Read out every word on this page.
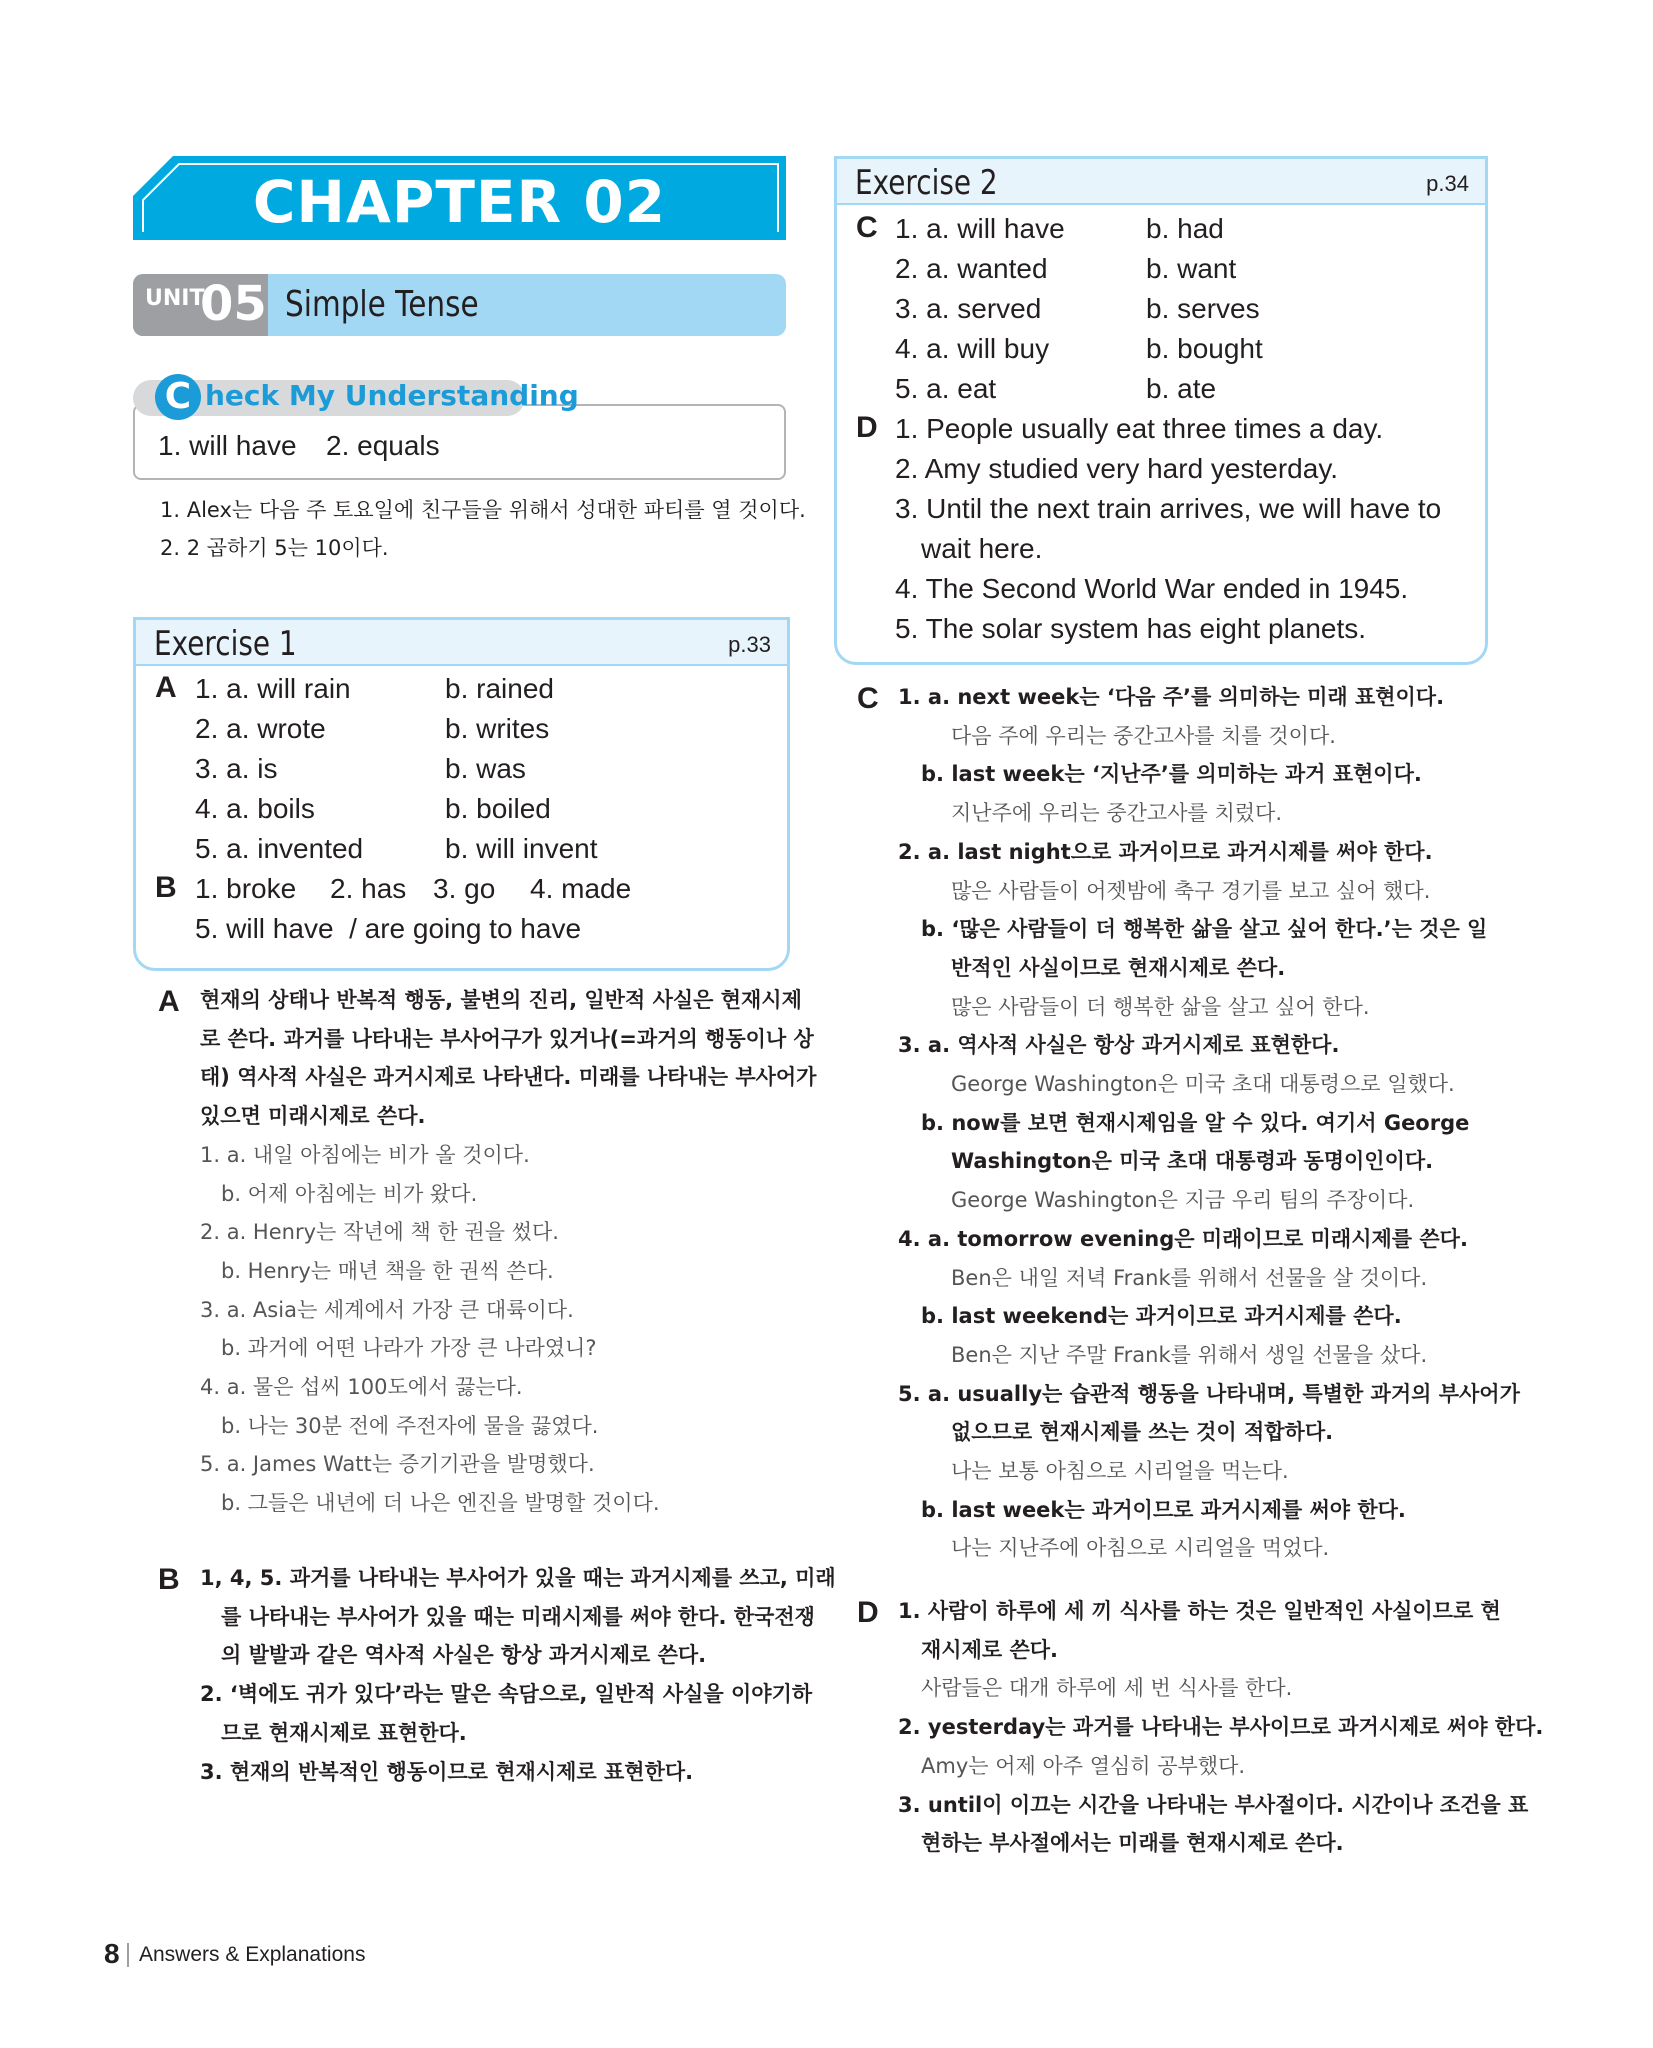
CHAPTER 02
UNIT
05 Simple Tense
C heck My Understanding
1. will have 2. equals
1. Alex는 다음 주 토요일에 친구들을 위해서 성대한 파티를 열 것이다.
2. 2 곱하기 5는 10이다.
Exercise 1	p.33
A 1. a. will rain	b. rained
2. a. wrote	b. writes
3. a. is	b. was
4. a. boils	b. boiled
5. a. invented	b. will invent
B 1. broke 2. has 3. go 4. made
5. will have  / are going to have
A 현재의 상태나 반복적 행동, 불변의 진리, 일반적 사실은 현재시제
로 쓴다. 과거를 나타내는 부사어구가 있거나(=과거의 행동이나 상
태) 역사적 사실은 과거시제로 나타낸다. 미래를 나타내는 부사어가
있으면 미래시제로 쓴다.
1. a. 내일 아침에는 비가 올 것이다.
b. 어제 아침에는 비가 왔다.
2. a. Henry는 작년에 책 한 권을 썼다.
b. Henry는 매년 책을 한 권씩 쓴다.
3. a. Asia는 세계에서 가장 큰 대륙이다.
b. 과거에 어떤 나라가 가장 큰 나라였니?
4. a. 물은 섭씨 100도에서 끓는다.
b. 나는 30분 전에 주전자에 물을 끓였다.
5. a. James Watt는 증기기관을 발명했다.
b. 그들은 내년에 더 나은 엔진을 발명할 것이다.
B 1, 4, 5. 과거를 나타내는 부사어가 있을 때는 과거시제를 쓰고, 미래
를 나타내는 부사어가 있을 때는 미래시제를 써야 한다. 한국전쟁
의 발발과 같은 역사적 사실은 항상 과거시제로 쓴다.
2. ‘벽에도 귀가 있다’라는 말은 속담으로, 일반적 사실을 이야기하
므로 현재시제로 표현한다.
3. 현재의 반복적인 행동이므로 현재시제로 표현한다.
Exercise 2	p.34
C 1. a. will have	b. had
2. a. wanted	b. want
3. a. served	b. serves
4. a. will buy	b. bought
5. a. eat	b. ate
D 1. People usually eat three times a day.
2. Amy studied very hard yesterday.
3. Until the next train arrives, we will have to
wait here.
4. The Second World War ended in 1945.
5. The solar system has eight planets.
C 1. a. next week는 ‘다음 주’를 의미하는 미래 표현이다.
다음 주에 우리는 중간고사를 치를 것이다.
b. last week는 ‘지난주’를 의미하는 과거 표현이다.
지난주에 우리는 중간고사를 치렀다.
2. a. last night으로 과거이므로 과거시제를 써야 한다.
많은 사람들이 어젯밤에 축구 경기를 보고 싶어 했다.
b. ‘많은 사람들이 더 행복한 삶을 살고 싶어 한다.’는 것은 일
반적인 사실이므로 현재시제로 쓴다.
많은 사람들이 더 행복한 삶을 살고 싶어 한다.
3. a. 역사적 사실은 항상 과거시제로 표현한다.
George Washington은 미국 초대 대통령으로 일했다.
b. now를 보면 현재시제임을 알 수 있다. 여기서 George
Washington은 미국 초대 대통령과 동명이인이다.
George Washington은 지금 우리 팀의 주장이다.
4. a. tomorrow evening은 미래이므로 미래시제를 쓴다.
Ben은 내일 저녁 Frank를 위해서 선물을 살 것이다.
b. last weekend는 과거이므로 과거시제를 쓴다.
Ben은 지난 주말 Frank를 위해서 생일 선물을 샀다.
5. a. usually는 습관적 행동을 나타내며, 특별한 과거의 부사어가
없으므로 현재시제를 쓰는 것이 적합하다.
나는 보통 아침으로 시리얼을 먹는다.
b. last week는 과거이므로 과거시제를 써야 한다.
나는 지난주에 아침으로 시리얼을 먹었다.
D 1. 사람이 하루에 세 끼 식사를 하는 것은 일반적인 사실이므로 현
재시제로 쓴다.
사람들은 대개 하루에 세 번 식사를 한다.
2. yesterday는 과거를 나타내는 부사이므로 과거시제로 써야 한다.
Amy는 어제 아주 열심히 공부했다.
3. until이 이끄는 시간을 나타내는 부사절이다. 시간이나 조건을 표
현하는 부사절에서는 미래를 현재시제로 쓴다.
8 Answers & Explanations
